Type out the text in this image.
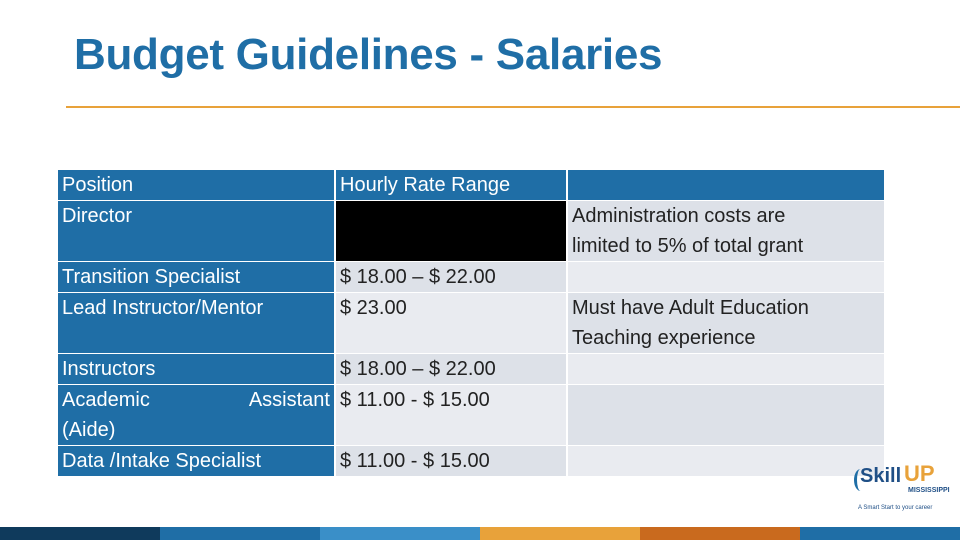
Budget Guidelines - Salaries
Position	Hourly Rate Range	
Director		Administration costs are
limited to 5% of total grant

Transition Specialist	$ 18.00 – $ 22.00	
Lead Instructor/Mentor	$ 23.00	Must have Adult Education
Teaching experience

Instructors	$ 18.00 – $ 22.00	

Academic Assistant
(Aide)	$ 11.00 - $ 15.00	
Data /Intake Specialist	$ 11.00 - $ 15.00	
Skill UP
MISSISSIPPI
A Smart Start to your career
